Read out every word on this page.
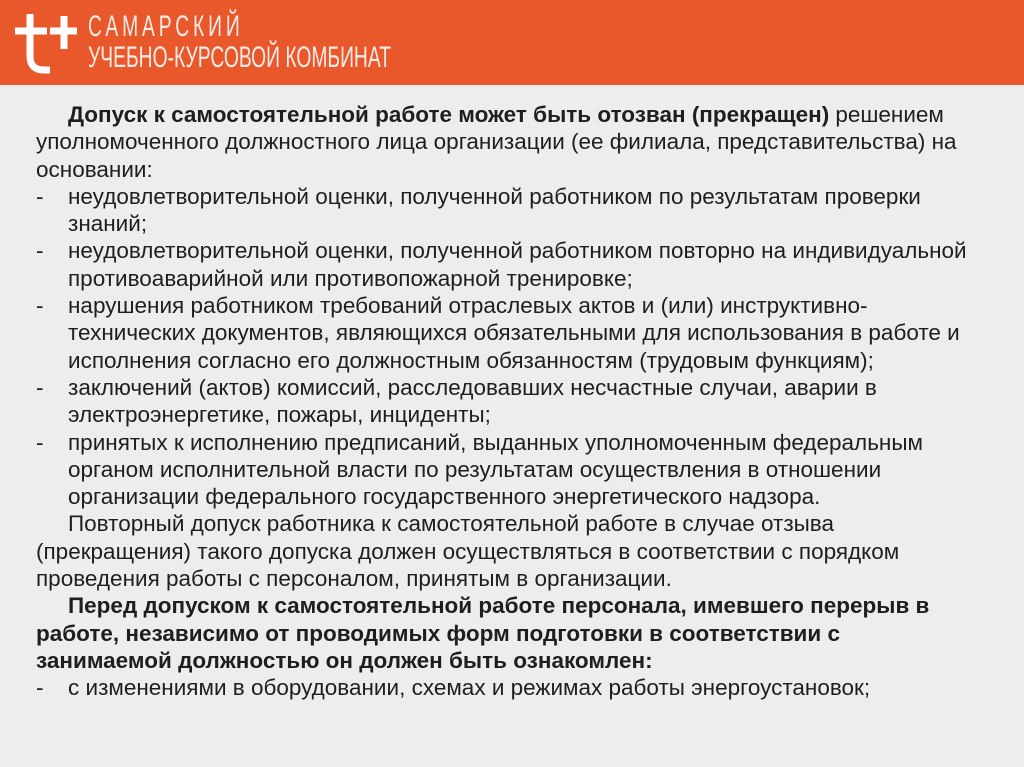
САМАРСКИЙ
УЧЕБНО-КУРСОВОЙ КОМБИНАТ
Допуск к самостоятельной работе может быть отозван (прекращен) решением
уполномоченного должностного лица организации (ее филиала, представительства) на
основании:
-	неудовлетворительной оценки, полученной работником по результатам проверки
знаний;
-	неудовлетворительной оценки, полученной работником повторно на индивидуальной
противоаварийной или противопожарной тренировке;
-	нарушения работником требований отраслевых актов и (или) инструктивно-
технических документов, являющихся обязательными для использования в работе и
исполнения согласно его должностным обязанностям (трудовым функциям);
-	заключений (актов) комиссий, расследовавших несчастные случаи, аварии в
электроэнергетике, пожары, инциденты;
-	принятых к исполнению предписаний, выданных уполномоченным федеральным
органом исполнительной власти по результатам осуществления в отношении
организации федерального государственного энергетического надзора.
Повторный допуск работника к самостоятельной работе в случае отзыва
(прекращения) такого допуска должен осуществляться в соответствии с порядком
проведения работы с персоналом, принятым в организации.
Перед допуском к самостоятельной работе персонала, имевшего перерыв в
работе, независимо от проводимых форм подготовки в соответствии с
занимаемой должностью он должен быть ознакомлен:
-	с изменениями в оборудовании, схемах и режимах работы энергоустановок;
